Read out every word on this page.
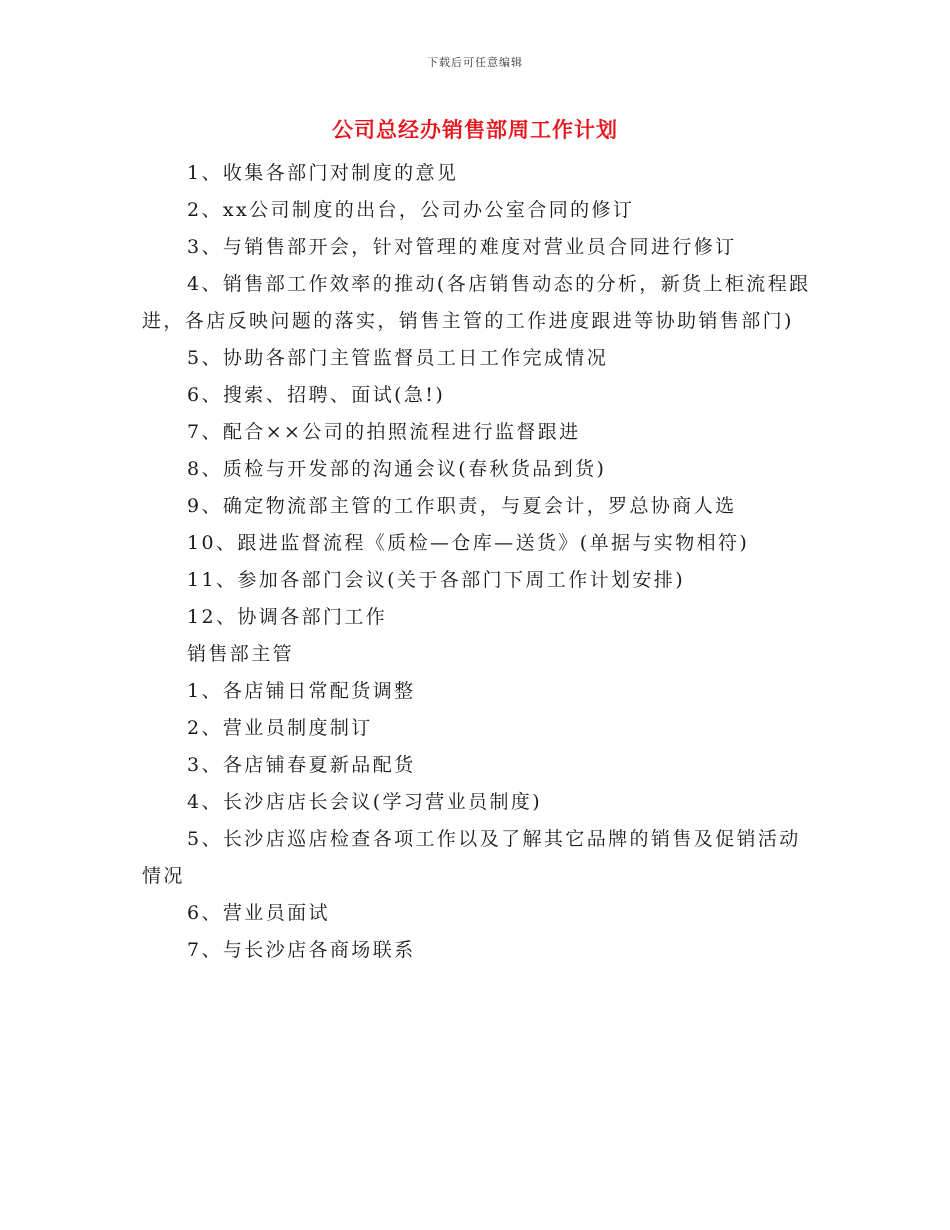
下载后可任意编辑
公司总经办销售部周工作计划

1、收集各部门对制度的意见

2、xx公司制度的出台，公司办公室合同的修订

3、与销售部开会，针对管理的难度对营业员合同进行修订

4、销售部工作效率的推动(各店销售动态的分析，新货上柜流程跟进，各店反映问题的落实，销售主管的工作进度跟进等协助销售部门)

5、协助各部门主管监督员工日工作完成情况

6、搜索、招聘、面试(急!)

7、配合××公司的拍照流程进行监督跟进

8、质检与开发部的沟通会议(春秋货品到货)

9、确定物流部主管的工作职责，与夏会计，罗总协商人选

10、跟进监督流程《质检—仓库—送货》(单据与实物相符)

11、参加各部门会议(关于各部门下周工作计划安排)

12、协调各部门工作

销售部主管

1、各店铺日常配货调整

2、营业员制度制订

3、各店铺春夏新品配货

4、长沙店店长会议(学习营业员制度)

5、长沙店巡店检查各项工作以及了解其它品牌的销售及促销活动情况

6、营业员面试

7、与长沙店各商场联系
